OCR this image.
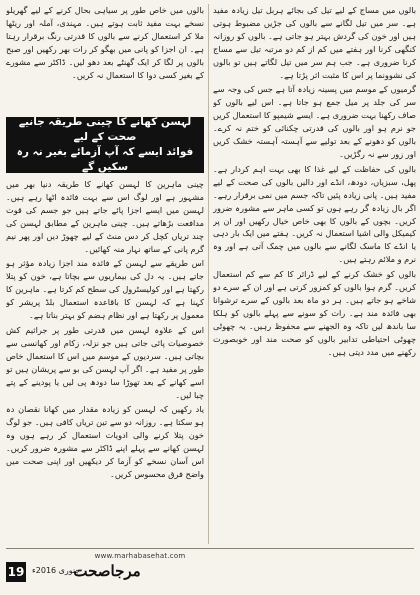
بالوں میں مساج کے لیے تیل کی بجائے ہربل تیل زیادہ مفید ہے۔ سر میں تیل لگانے سے بالوں کی جڑیں مضبوط ہوتی ہیں اور خون کی گردش بہتر ہو جاتی ہے۔ بالوں کو روزانہ کنگھی کرنا اور ہفتے میں کم از کم دو مرتبہ تیل سے مساج کرنا ضروری ہے۔ جب ہم سر میں تیل لگاتے ہیں تو بالوں کی نشوونما پر اس کا مثبت اثر پڑتا ہے۔

گرمیوں کے موسم میں پسینہ زیادہ آتا ہے جس کی وجہ سے سر کی جلد پر میل جمع ہو جاتا ہے۔ اس لیے بالوں کو صاف رکھنا بہت ضروری ہے۔ ایسے شیمپو کا استعمال کریں جو نرم ہو اور بالوں کی قدرتی چکنائی کو ختم نہ کرے۔ بالوں کو دھونے کے بعد تولیے سے آہستہ آہستہ خشک کریں اور زور سے نہ رگڑیں۔

بالوں کی حفاظت کے لیے غذا کا بھی بہت اہم کردار ہے۔ پھل، سبزیاں، دودھ، انڈے اور دالیں بالوں کی صحت کے لیے مفید ہیں۔ پانی زیادہ پئیں تاکہ جسم میں نمی برقرار رہے۔ اگر بال زیادہ گر رہے ہوں تو کسی ماہر سے مشورہ ضرور کریں۔ بچوں کے بالوں کا بھی خاص خیال رکھیں اور ان پر کیمیکل والی اشیا استعمال نہ کریں۔ ہفتے میں ایک بار دہی یا انڈے کا ماسک لگانے سے بالوں میں چمک آتی ہے اور وہ نرم و ملائم رہتے ہیں۔

بالوں کو خشک کرنے کے لیے ڈرائر کا کم سے کم استعمال کریں۔ گرم ہوا بالوں کو کمزور کرتی ہے اور ان کے سرے دو شاخے ہو جاتے ہیں۔ ہر دو ماہ بعد بالوں کے سرے ترشوانا بھی فائدہ مند ہے۔ رات کو سونے سے پہلے بالوں کو ہلکا سا باندھ لیں تاکہ وہ الجھنے سے محفوظ رہیں۔ یہ چھوٹی چھوٹی احتیاطی تدابیر بالوں کو صحت مند اور خوبصورت رکھنے میں مدد دیتی ہیں۔

بالوں میں خاص طور پر سیاہی بحال کرنے کے لیے گھریلو نسخے بہت مفید ثابت ہوتے ہیں۔ مہندی، آملہ اور ریٹھا ملا کر استعمال کرنے سے بالوں کا قدرتی رنگ برقرار رہتا ہے۔ ان اجزا کو پانی میں بھگو کر رات بھر رکھیں اور صبح بالوں پر لگا کر ایک گھنٹے بعد دھو لیں۔ ڈاکٹر سے مشورے کے بغیر کسی دوا کا استعمال نہ کریں۔

لہسن کھانے کا چینی طریقہ جانیے صحت کے لیے
فوائد ایسے کہ آپ آزمائے بغیر نہ رہ سکیں گے

چینی ماہرین کا لہسن کھانے کا طریقہ دنیا بھر میں مشہور ہے اور لوگ اس سے بہت فائدہ اٹھا رہے ہیں۔ لہسن میں ایسے اجزا پائے جاتے ہیں جو جسم کی قوت مدافعت بڑھاتے ہیں۔ چینی ماہرین کے مطابق لہسن کی چند تریاں کچل کر دس منٹ کے لیے چھوڑ دیں اور پھر نیم گرم پانی کے ساتھ نہار منہ کھائیں۔

اس طریقے سے لہسن کے فائدہ مند اجزا زیادہ مؤثر ہو جاتے ہیں۔ یہ دل کی بیماریوں سے بچاتا ہے، خون کو پتلا رکھتا ہے اور کولیسٹرول کی سطح کم کرتا ہے۔ ماہرین کا کہنا ہے کہ لہسن کا باقاعدہ استعمال بلڈ پریشر کو معمول پر رکھتا ہے اور نظام ہضم کو بہتر بناتا ہے۔

اس کے علاوہ لہسن میں قدرتی طور پر جراثیم کش خصوصیات پائی جاتی ہیں جو نزلہ، زکام اور کھانسی سے بچاتی ہیں۔ سردیوں کے موسم میں اس کا استعمال خاص طور پر مفید ہے۔ اگر آپ لہسن کی بو سے پریشان ہیں تو اسے کھانے کے بعد تھوڑا سا دودھ پی لیں یا پودینے کے پتے چبا لیں۔

یاد رکھیں کہ لہسن کو زیادہ مقدار میں کھانا نقصان دہ ہو سکتا ہے۔ روزانہ دو سے تین تریاں کافی ہیں۔ جو لوگ خون پتلا کرنے والی ادویات استعمال کر رہے ہوں وہ لہسن کھانے سے پہلے اپنے ڈاکٹر سے مشورہ ضرور کریں۔ اس آسان نسخے کو آزما کر دیکھیں اور اپنی صحت میں واضح فرق محسوس کریں۔

www.marhabasehat.com
19 جنوری 2016ء
مرجاصحت
